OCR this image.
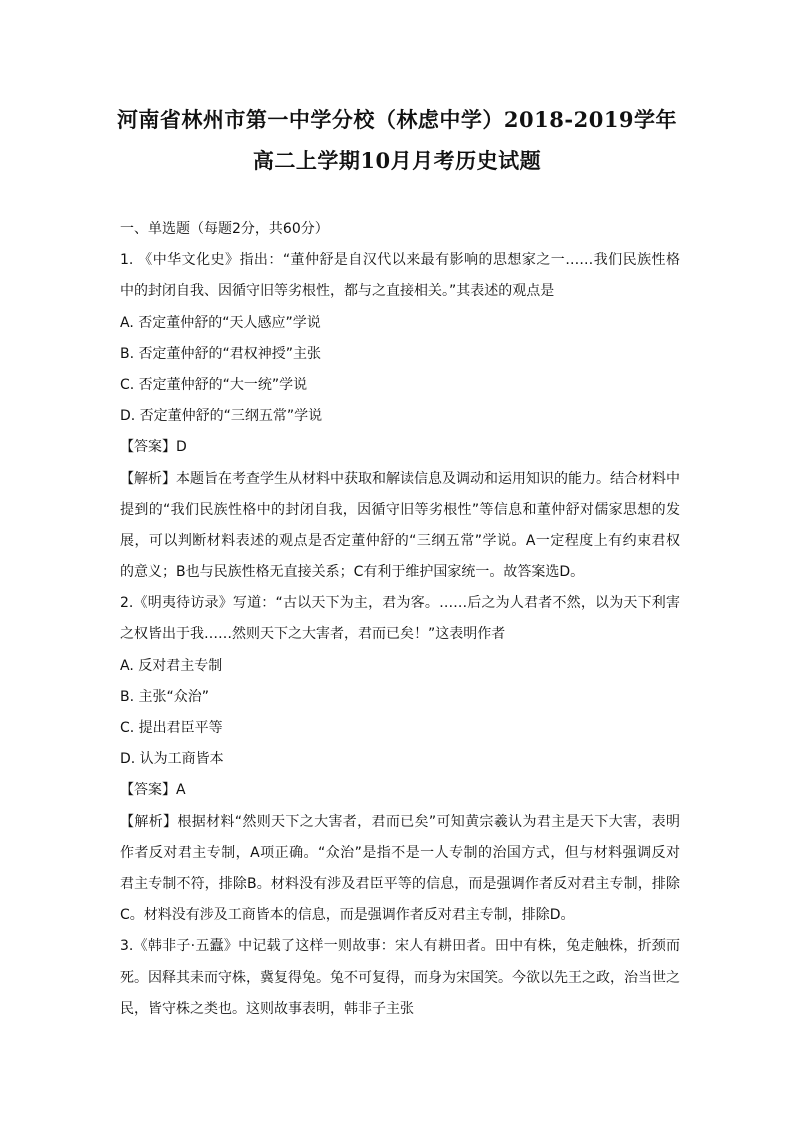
河南省林州市第一中学分校（林虑中学）2018-2019学年
高二上学期10月月考历史试题
一、单选题（每题2分，共60分）
1. 《中华文化史》指出：“董仲舒是自汉代以来最有影响的思想家之一……我们民族性格
中的封闭自我、因循守旧等劣根性，都与之直接相关。”其表述的观点是
A. 否定董仲舒的“天人感应”学说
B. 否定董仲舒的“君权神授”主张
C. 否定董仲舒的“大一统”学说
D. 否定董仲舒的“三纲五常”学说
【答案】D
【解析】本题旨在考查学生从材料中获取和解读信息及调动和运用知识的能力。结合材料中
提到的“我们民族性格中的封闭自我，因循守旧等劣根性”等信息和董仲舒对儒家思想的发
展，可以判断材料表述的观点是否定董仲舒的“三纲五常”学说。A一定程度上有约束君权
的意义；B也与民族性格无直接关系；C有利于维护国家统一。故答案选D。
2.《明夷待访录》写道：“古以天下为主，君为客。……后之为人君者不然，以为天下利害
之权皆出于我……然则天下之大害者，君而已矣！”这表明作者
A. 反对君主专制
B. 主张“众治”
C. 提出君臣平等
D. 认为工商皆本
【答案】A
【解析】根据材料“然则天下之大害者，君而已矣”可知黄宗羲认为君主是天下大害，表明
作者反对君主专制，A项正确。“众治”是指不是一人专制的治国方式，但与材料强调反对
君主专制不符，排除B。材料没有涉及君臣平等的信息，而是强调作者反对君主专制，排除
C。材料没有涉及工商皆本的信息，而是强调作者反对君主专制，排除D。
3.《韩非子·五蠹》中记载了这样一则故事：宋人有耕田者。田中有株，兔走触株，折颈而
死。因释其耒而守株，冀复得兔。兔不可复得，而身为宋国笑。今欲以先王之政，治当世之
民，皆守株之类也。这则故事表明，韩非子主张
